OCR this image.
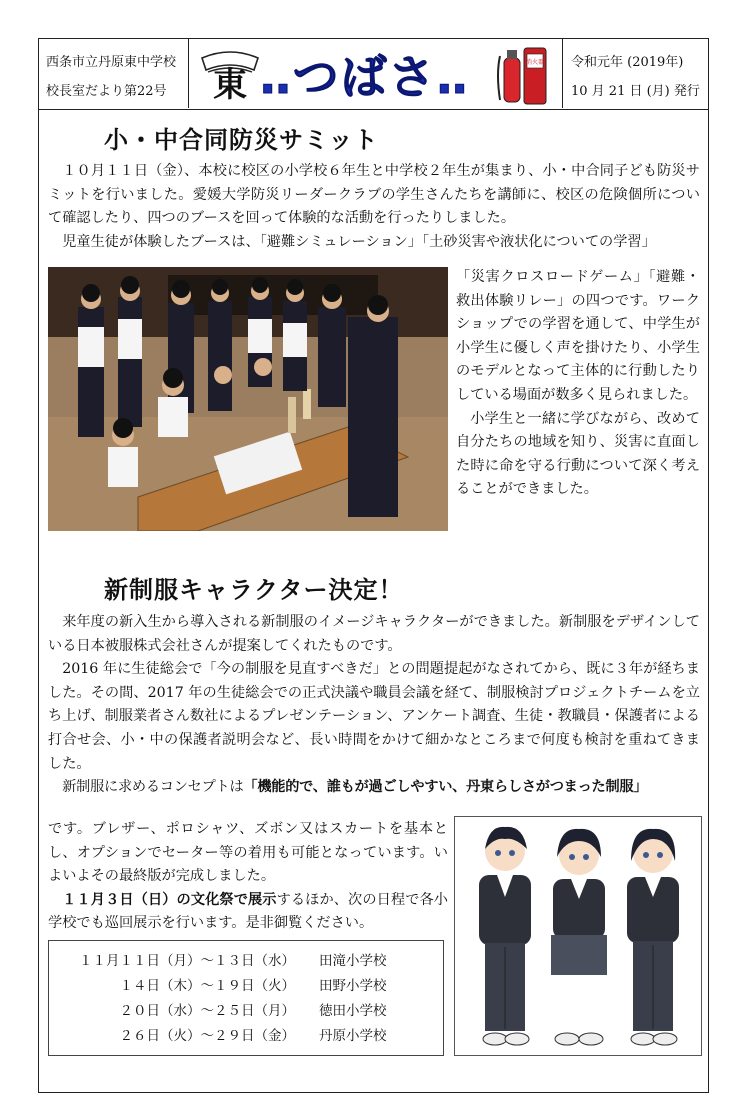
西条市立丹原東中学校
校長室だより第22号 東 ‥つばさ‥	消火器 令和元年 (2019年)
10 月 21 日 (月) 発行
小・中合同防災サミット

１０月１１日（金）、本校に校区の小学校６年生と中学校２年生が集まり、小・中合同子ども防災サミットを行いました。愛媛大学防災リーダークラブの学生さんたちを講師に、校区の危険個所について確認したり、四つのブースを回って体験的な活動を行ったりしました。

児童生徒が体験したブースは、「避難シミュレーション」「土砂災害や液状化についての学習」

「災害クロスロードゲーム」「避難・救出体験リレー」の四つです。ワークショップでの学習を通して、中学生が小学生に優しく声を掛けたり、小学生のモデルとなって主体的に行動したりしている場面が数多く見られました。

小学生と一緒に学びながら、改めて自分たちの地域を知り、災害に直面した時に命を守る行動について深く考えることができました。

新制服キャラクター決定！

来年度の新入生から導入される新制服のイメージキャラクターができました。新制服をデザインしている日本被服株式会社さんが提案してくれたものです。

2016 年に生徒総会で「今の制服を見直すべきだ」との問題提起がなされてから、既に３年が経ちました。その間、2017 年の生徒総会での正式決議や職員会議を経て、制服検討プロジェクトチームを立ち上げ、制服業者さん数社によるプレゼンテーション、アンケート調査、生徒・教職員・保護者による打合せ会、小・中の保護者説明会など、長い時間をかけて細かなところまで何度も検討を重ねてきました。

新制服に求めるコンセプトは「機能的で、誰もが過ごしやすい、丹東らしさがつまった制服」

です。ブレザー、ポロシャツ、ズボン又はスカートを基本とし、オプションでセーター等の着用も可能となっています。いよいよその最終版が完成しました。

１１月３日（日）の文化祭で展示するほか、次の日程で各小学校でも巡回展示を行います。是非御覧ください。

１１月１１日（月）～１３日（水） 田滝小学校
１４日（木）～１９日（火） 田野小学校
２０日（水）～２５日（月） 徳田小学校
２６日（火）～２９日（金） 丹原小学校
